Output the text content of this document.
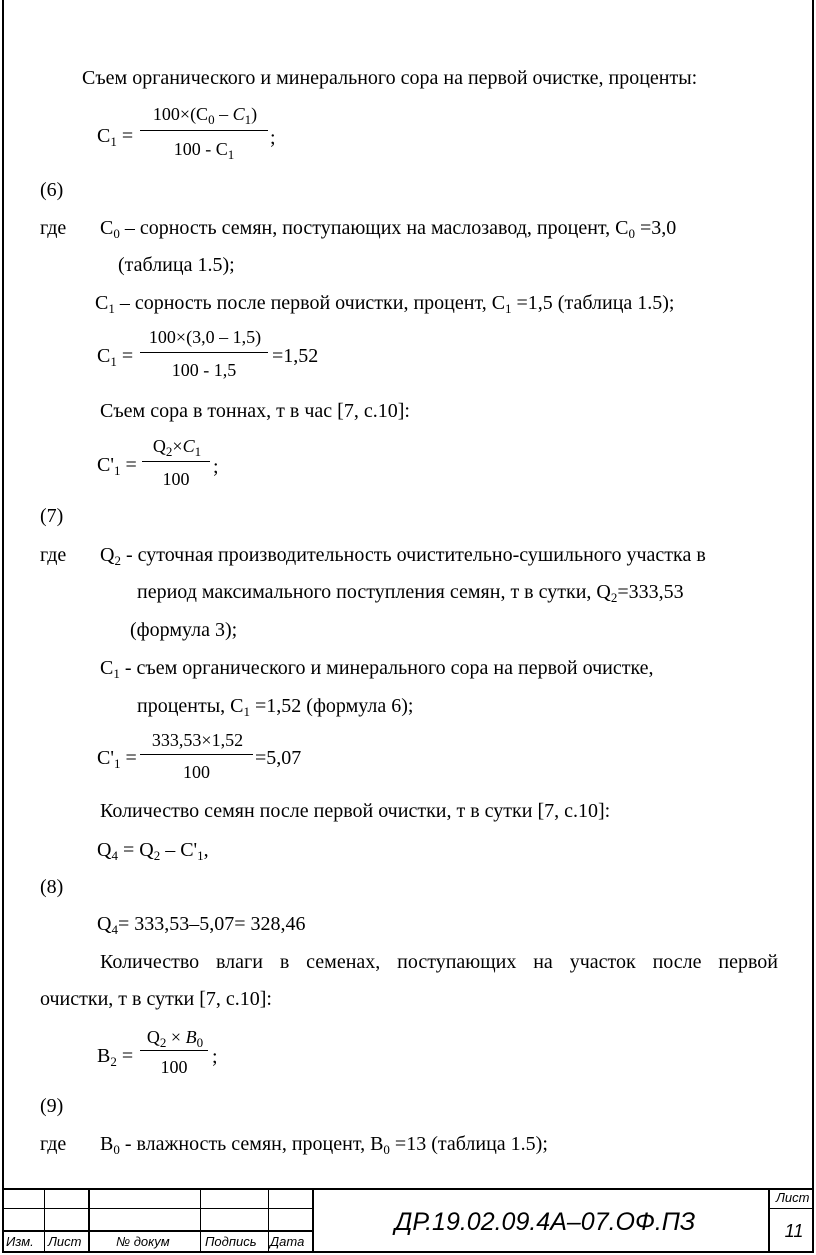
Съем органического и минерального сора на первой очистке, проценты:
$С_1$ =
$100\times(С_0 - C_1)$
$100 - С_1$
;
(6)
где $С_0$ – сорность семян, поступающих на маслозавод, процент, $С_0 =3,0$
(таблица 1.5);
$С_1$ – сорность после первой очистки, процент, $С_1 =1,5$ (таблица 1.5);
$С_1$ =
100×(3,0 – 1,5)
100 - 1,5
=1,52
Съем сора в тоннах, т в час [7, с.10]:
$С'_1$ =
$Q_2\times C_1$
100
;
(7)
где $Q_2$ - суточная производительность очистительно-сушильного участка в
период максимального поступления семян, т в сутки, $Q_2=333,53$
(формула 3);
$С_1$ - съем органического и минерального сора на первой очистке,
проценты, $С_1 =1,52$ (формула 6);
$С'_1$ =
333,53×1,52
100
=5,07
Количество семян после первой очистки, т в сутки [7, с.10]:
$Q_4 = Q_2 - С'_1$,
(8)
$Q_4= 333,53-5,07= 328,46$
Количество влаги в семенах, поступающих на участок после первой
очистки, т в сутки [7, с.10]:
$В_2$ =
$Q_2 \times B_0$
100	;
(9)
где $В_0$ - влажность семян, процент, $В_0 =13$ (таблица 1.5);
Изм. Лист	№ докум	Подпись Дата
Лист
ДР.19.02.09.4А–07.ОФ.ПЗ	11
